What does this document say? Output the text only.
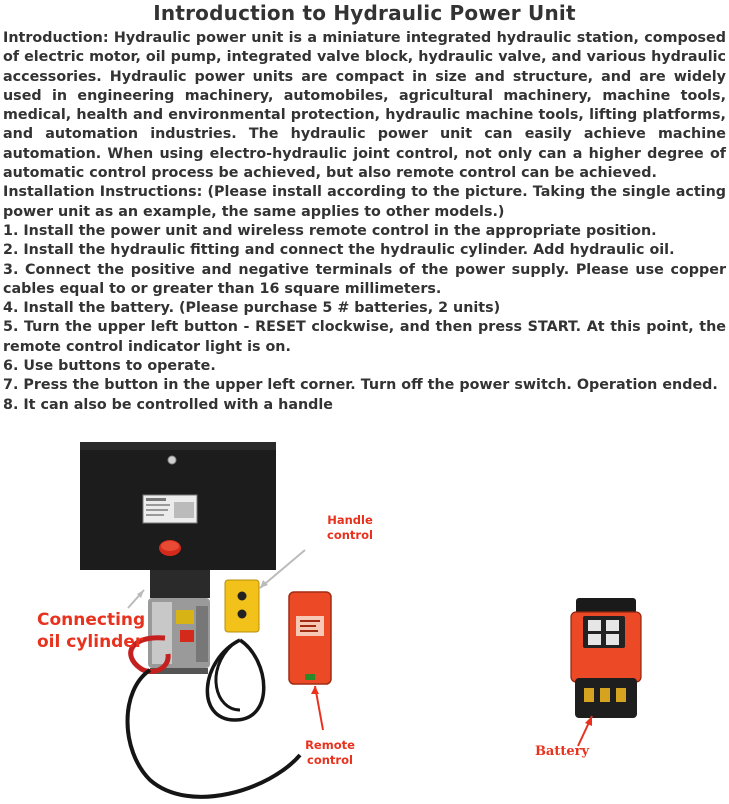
Introduction to Hydraulic Power Unit

Introduction: Hydraulic power unit is a miniature integrated hydraulic station, composed of electric motor, oil pump, integrated valve block, hydraulic valve, and various hydraulic accessories. Hydraulic power units are compact in size and structure, and are widely used in engineering machinery, automobiles, agricultural machinery, machine tools, medical, health and environmental protection, hydraulic machine tools, lifting platforms, and automation industries. The hydraulic power unit can easily achieve machine automation. When using electro-hydraulic joint control, not only can a higher degree of automatic control process be achieved, but also remote control can be achieved.

Installation Instructions: (Please install according to the picture. Taking the single acting power unit as an example, the same applies to other models.)

1. Install the power unit and wireless remote control in the appropriate position.

2. Install the hydraulic fitting and connect the hydraulic cylinder. Add hydraulic oil.

3. Connect the positive and negative terminals of the power supply. Please use copper cables equal to or greater than 16 square millimeters.

4. Install the battery. (Please purchase 5 # batteries, 2 units)

5. Turn the upper left button - RESET clockwise, and then press START. At this point, the remote control indicator light is on.

6. Use buttons to operate.

7. Press the button in the upper left corner. Turn off the power switch. Operation ended.

8. It can also be controlled with a handle

Connecting
oil cylinder
Handle
control
Remote
control
Battery
